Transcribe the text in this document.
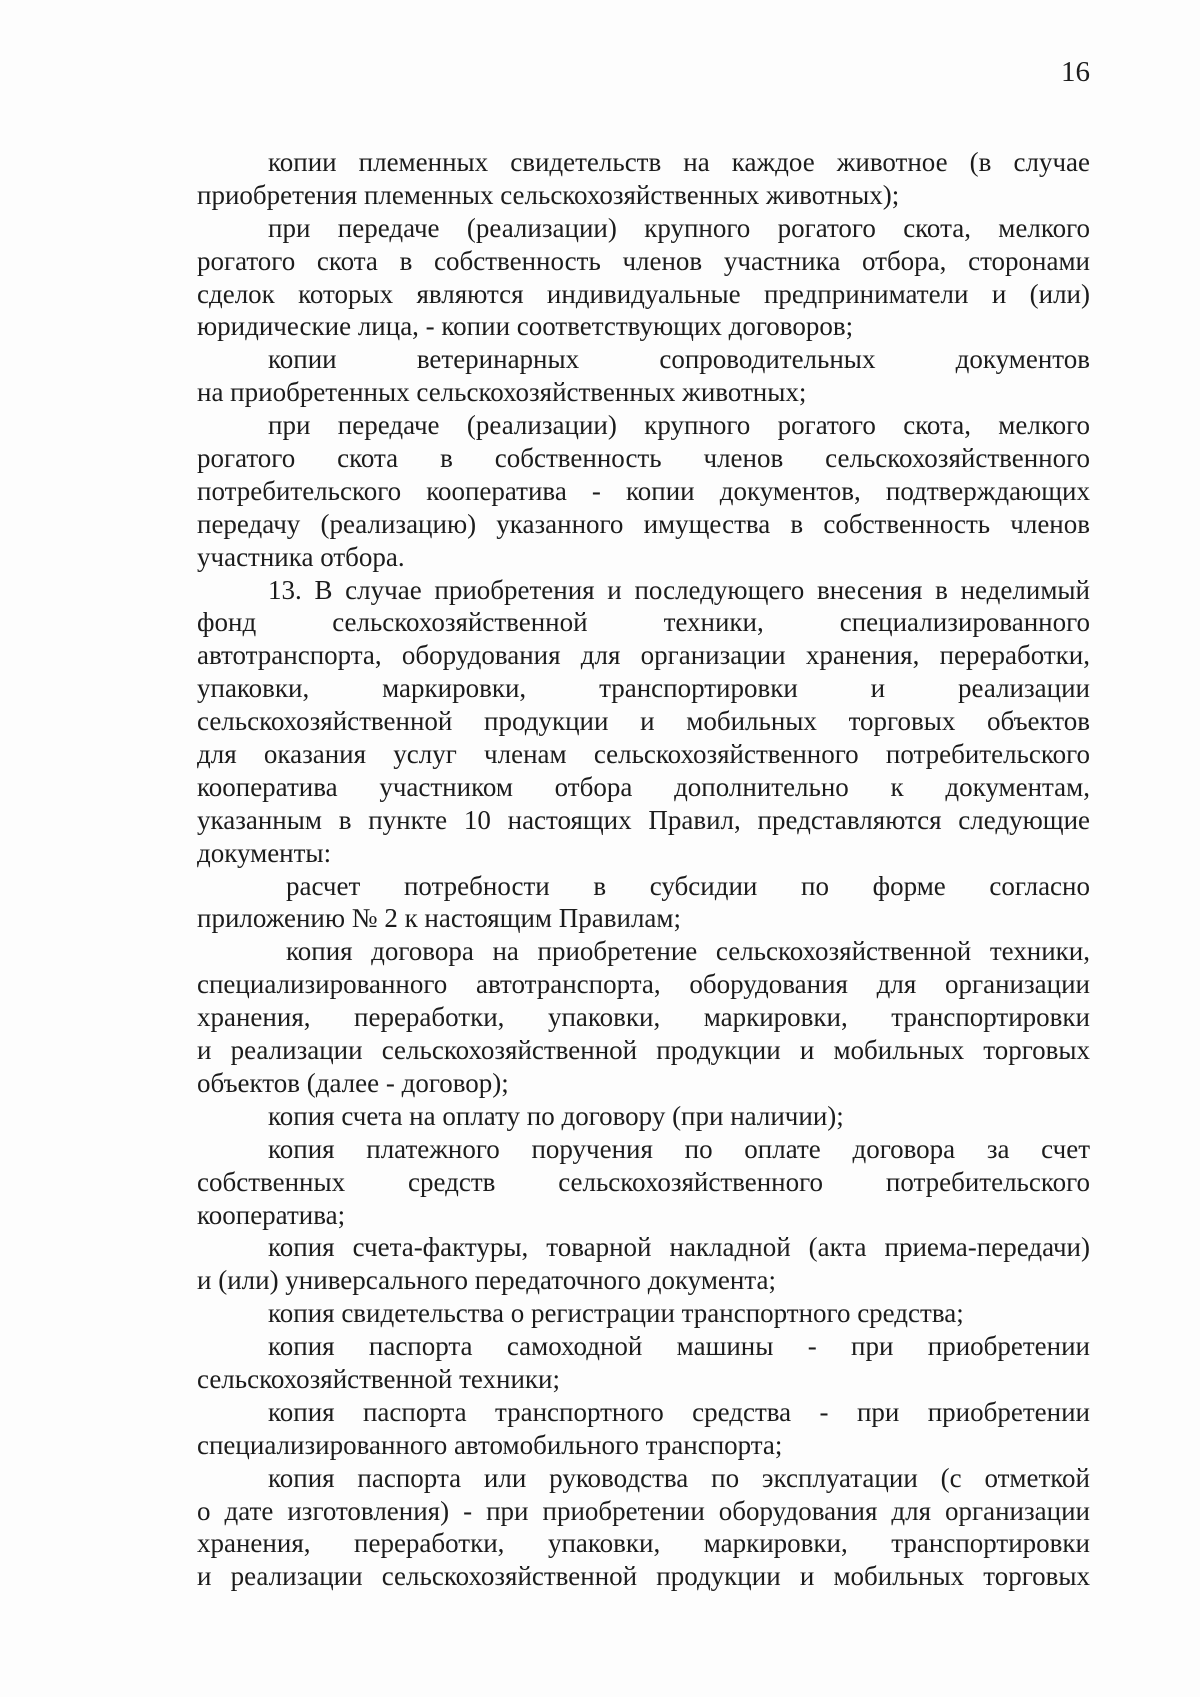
16
копии племенных свидетельств на каждое животное (в случае
приобретения племенных сельскохозяйственных животных);
при передаче (реализации) крупного рогатого скота, мелкого
рогатого скота в собственность членов участника отбора, сторонами
сделок которых являются индивидуальные предприниматели и (или)
юридические лица, - копии соответствующих договоров;
копии ветеринарных сопроводительных документов
на приобретенных сельскохозяйственных животных;
при передаче (реализации) крупного рогатого скота, мелкого
рогатого скота в собственность членов сельскохозяйственного
потребительского кооператива - копии документов, подтверждающих
передачу (реализацию) указанного имущества в собственность членов
участника отбора.
13. В случае приобретения и последующего внесения в неделимый
фонд сельскохозяйственной техники, специализированного
автотранспорта, оборудования для организации хранения, переработки,
упаковки, маркировки, транспортировки и реализации
сельскохозяйственной продукции и мобильных торговых объектов
для оказания услуг членам сельскохозяйственного потребительского
кооператива участником отбора дополнительно к документам,
указанным в пункте 10 настоящих Правил, представляются следующие
документы:
расчет потребности в субсидии по форме согласно
приложению № 2 к настоящим Правилам;
копия договора на приобретение сельскохозяйственной техники,
специализированного автотранспорта, оборудования для организации
хранения, переработки, упаковки, маркировки, транспортировки
и реализации сельскохозяйственной продукции и мобильных торговых
объектов (далее - договор);
копия счета на оплату по договору (при наличии);
копия платежного поручения по оплате договора за счет
собственных средств сельскохозяйственного потребительского
кооператива;
копия счета-фактуры, товарной накладной (акта приема-передачи)
и (или) универсального передаточного документа;
копия свидетельства о регистрации транспортного средства;
копия паспорта самоходной машины - при приобретении
сельскохозяйственной техники;
копия паспорта транспортного средства - при приобретении
специализированного автомобильного транспорта;
копия паспорта или руководства по эксплуатации (с отметкой
о дате изготовления) - при приобретении оборудования для организации
хранения, переработки, упаковки, маркировки, транспортировки
и реализации сельскохозяйственной продукции и мобильных торговых
